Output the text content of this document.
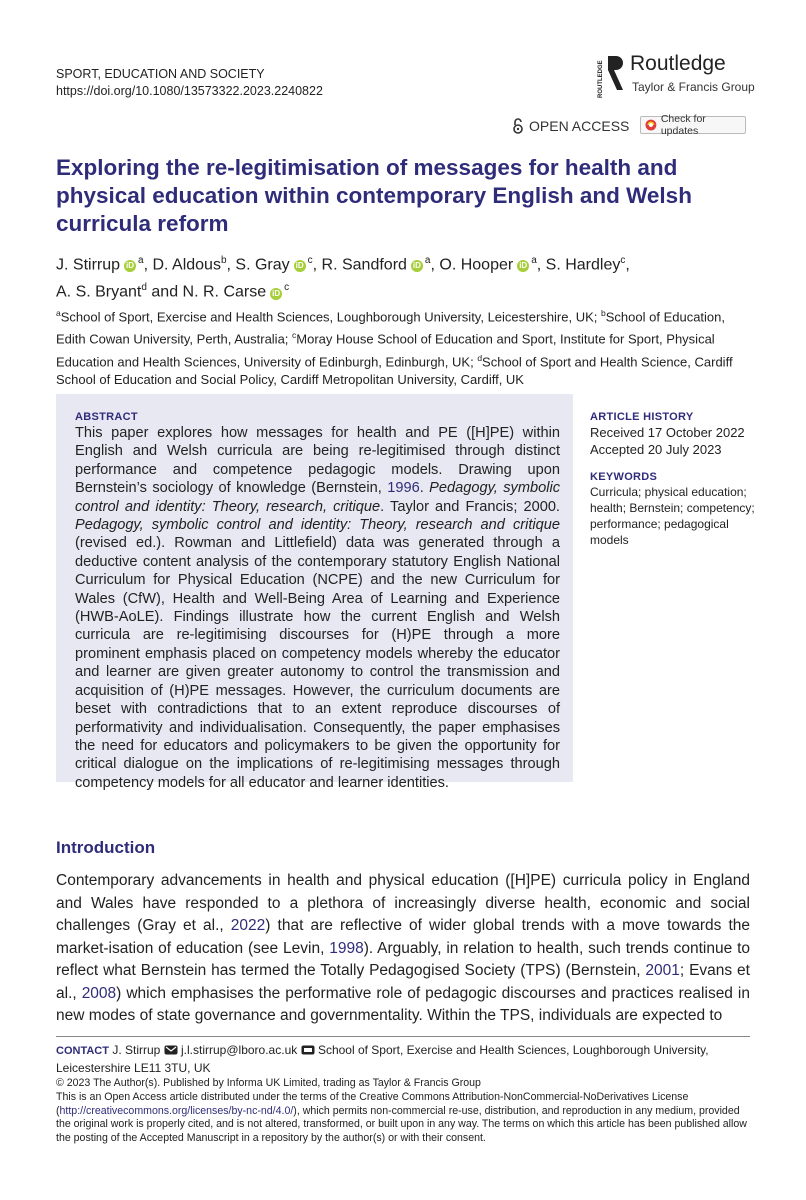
SPORT, EDUCATION AND SOCIETY
https://doi.org/10.1080/13573322.2023.2240822	ROUTLEDGE Routledge
Taylor & Francis Group
OPEN ACCESS	Check for updates
Exploring the re-legitimisation of messages for health and physical education within contemporary English and Welsh curricula reform
J. Stirrup iD $^a$, D. Aldous$^b$, S. Gray iD $^c$, R. Sandford iD $^a$, O. Hooper iD $^a$, S. Hardley$^c$,
A. S. Bryant$^d$ and N. R. Carse iD $^c$
$^a$School of Sport, Exercise and Health Sciences, Loughborough University, Leicestershire, UK; $^b$School of Education, Edith Cowan University, Perth, Australia; $^c$Moray House School of Education and Sport, Institute for Sport, Physical Education and Health Sciences, University of Edinburgh, Edinburgh, UK; $^d$School of Sport and Health Science, Cardiff School of Education and Social Policy, Cardiff Metropolitan University, Cardiff, UK
ABSTRACT

This paper explores how messages for health and PE ([H]PE) within English and Welsh curricula are being re-legitimised through distinct performance and competence pedagogic models. Drawing upon Bernstein’s sociology of knowledge (Bernstein, 1996. Pedagogy, symbolic control and identity: Theory, research, critique. Taylor and Francis; 2000. Pedagogy, symbolic control and identity: Theory, research and critique (revised ed.). Rowman and Littlefield) data was generated through a deductive content analysis of the contemporary statutory English National Curriculum for Physical Education (NCPE) and the new Curriculum for Wales (CfW), Health and Well-Being Area of Learning and Experience (HWB-AoLE). Findings illustrate how the current English and Welsh curricula are re-legitimising discourses for (H)PE through a more prominent emphasis placed on competency models whereby the educator and learner are given greater autonomy to control the transmission and acquisition of (H)PE messages. However, the curriculum documents are beset with contradictions that to an extent reproduce discourses of performativity and individualisation. Consequently, the paper emphasises the need for educators and policymakers to be given the opportunity for critical dialogue on the implications of re-legitimising messages through competency models for all educator and learner identities.

ARTICLE HISTORY
Received 17 October 2022
Accepted 20 July 2023
KEYWORDS
Curricula; physical education; health; Bernstein; competency; performance; pedagogical models
Introduction
Contemporary advancements in health and physical education ([H]PE) curricula policy in England and Wales have responded to a plethora of increasingly diverse health, economic and social challenges (Gray et al., 2022) that are reflective of wider global trends with a move towards the market-isation of education (see Levin, 1998). Arguably, in relation to health, such trends continue to reflect what Bernstein has termed the Totally Pedagogised Society (TPS) (Bernstein, 2001; Evans et al., 2008) which emphasises the performative role of pedagogic discourses and practices realised in new modes of state governance and governmentality. Within the TPS, individuals are expected to
CONTACT J. Stirrup j.l.stirrup@lboro.ac.uk School of Sport, Exercise and Health Sciences, Loughborough University, Leicestershire LE11 3TU, UK
© 2023 The Author(s). Published by Informa UK Limited, trading as Taylor & Francis Group
This is an Open Access article distributed under the terms of the Creative Commons Attribution-NonCommercial-NoDerivatives License (http://creativecommons.org/licenses/by-nc-nd/4.0/), which permits non-commercial re-use, distribution, and reproduction in any medium, provided the original work is properly cited, and is not altered, transformed, or built upon in any way. The terms on which this article has been published allow the posting of the Accepted Manuscript in a repository by the author(s) or with their consent.
